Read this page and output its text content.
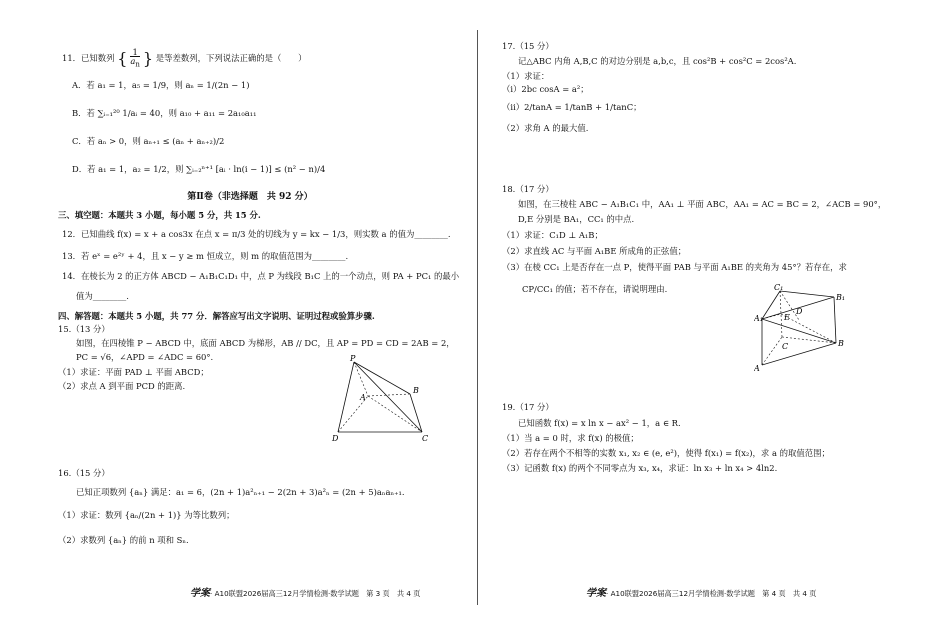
11．已知数列 { $\frac{1}{a_n}$ } 是等差数列，下列说法正确的是（　　）
A．若 a₁ = 1，a₅ = 1/9，则 aₙ = 1/(2n − 1)
B．若 ∑ᵢ₌₁²⁰ 1/aᵢ = 40，则 a₁₀ + a₁₁ = 2a₁₀a₁₁
C．若 aₙ > 0，则 aₙ₊₁ ≤ (aₙ + aₙ₊₂)/2
D．若 a₁ = 1，a₂ = 1/2，则 ∑ᵢ₌₂ⁿ⁺¹ [aᵢ · ln(i − 1)] ≤ (n² − n)/4
第Ⅱ卷（非选择题　共 92 分）
三、填空题：本题共 3 小题，每小题 5 分，共 15 分.
12．已知曲线 f(x) = x + a cos3x 在点 x = π/3 处的切线为 y = kx − 1/3，则实数 a 的值为________.
13．若 eˣ = e²ʸ + 4，且 x − y ≥ m 恒成立，则 m 的取值范围为________.
14．在棱长为 2 的正方体 ABCD − A₁B₁C₁D₁ 中，点 P 为线段 B₁C 上的一个动点，则 PA + PC₁ 的最小
值为________.
四、解答题：本题共 5 小题，共 77 分．解答应写出文字说明、证明过程或验算步骤.
15.（13 分）
如图，在四棱锥 P − ABCD 中，底面 ABCD 为梯形，AB // DC，且 AP = PD = CD = 2AB = 2，
PC = √6，∠APD = ∠ADC = 60°.
（1）求证：平面 PAD ⊥ 平面 ABCD；
（2）求点 A 到平面 PCD 的距离.
P
A
B
D	C
16.（15 分）
已知正项数列 {aₙ} 满足：a₁ = 6，(2n + 1)a²ₙ₊₁ − 2(2n + 3)a²ₙ = (2n + 5)aₙaₙ₊₁.
（1）求证：数列 {aₙ/(2n + 1)} 为等比数列；
（2）求数列 {aₙ} 的前 n 项和 Sₙ.
学案· A10联盟2026届高三12月学情检测·数学试题　第 3 页　共 4 页
17.（15 分）
记△ABC 内角 A,B,C 的对边分别是 a,b,c，且 cos²B + cos²C = 2cos²A.
（1）求证：
（ⅰ）2bc cosA = a²；
（ⅱ）2/tanA = 1/tanB + 1/tanC；
（2）求角 A 的最大值.
18.（17 分）
如图，在三棱柱 ABC − A₁B₁C₁ 中，AA₁ ⊥ 平面 ABC，AA₁ = AC = BC = 2，∠ACB = 90°，
D,E 分别是 BA₁，CC₁ 的中点.
（1）求证：C₁D ⊥ A₁B；
（2）求直线 AC 与平面 A₁BE 所成角的正弦值；
（3）在棱 CC₁ 上是否存在一点 P，使得平面 PAB 与平面 A₁BE 的夹角为 45°？若存在，求
CP/CC₁ 的值；若不存在，请说明理由.	C₁
B₁
A₁
D
E
C	B
A
19.（17 分）
已知函数 f(x) = x ln x − ax² − 1，a ∈ R.
（1）当 a = 0 时，求 f(x) 的极值；
（2）若存在两个不相等的实数 x₁, x₂ ∈ (e, e²)，使得 f(x₁) = f(x₂)，求 a 的取值范围；
（3）记函数 f(x) 的两个不同零点为 x₃, x₄，求证：ln x₃ + ln x₄ > 4ln2.
学案· A10联盟2026届高三12月学情检测·数学试题　第 4 页　共 4 页
